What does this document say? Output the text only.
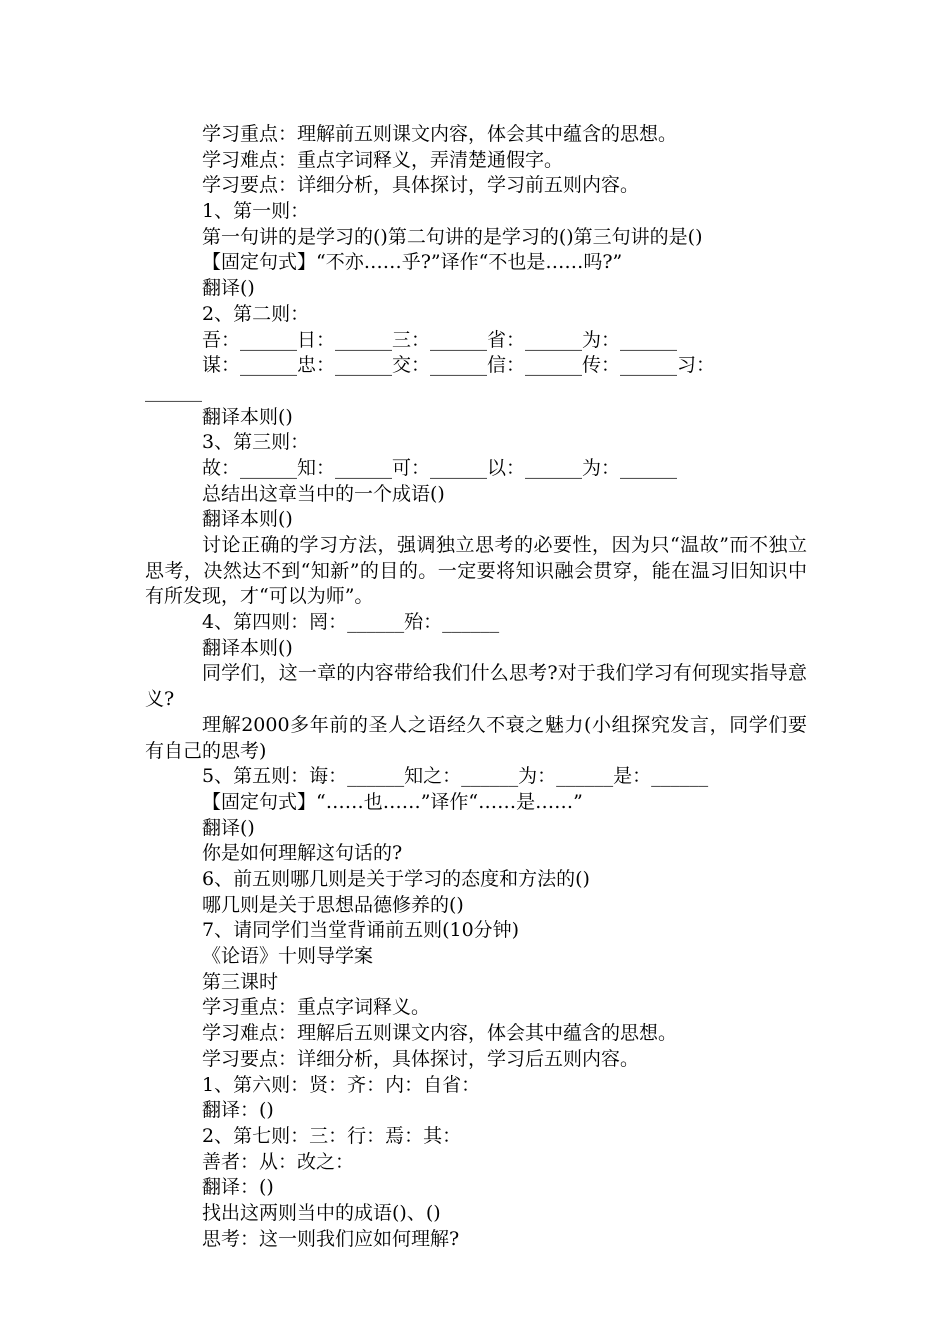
学习重点：理解前五则课文内容，体会其中蕴含的思想。
学习难点：重点字词释义，弄清楚通假字。
学习要点：详细分析，具体探讨，学习前五则内容。
1、第一则：
第一句讲的是学习的()第二句讲的是学习的()第三句讲的是()
【固定句式】“不亦……乎?”译作“不也是……吗?”
翻译()
2、第二则：
吾：______日：______三：______省：______为：______
谋：______忠：______交：______信：______传：______习：
______
翻译本则()
3、第三则：
故：______知：______可：______以：______为：______
总结出这章当中的一个成语()
翻译本则()
讨论正确的学习方法，强调独立思考的必要性，因为只“温故”而不独立思考，决然达不到“知新”的目的。一定要将知识融会贯穿，能在温习旧知识中有所发现，才“可以为师”。
4、第四则：罔：______殆：______
翻译本则()
同学们，这一章的内容带给我们什么思考?对于我们学习有何现实指导意义?
理解2000多年前的圣人之语经久不衰之魅力(小组探究发言，同学们要有自己的思考)
5、第五则：诲：______知之：______为：______是：______
【固定句式】“……也……”译作“……是……”
翻译()
你是如何理解这句话的?
6、前五则哪几则是关于学习的态度和方法的()
哪几则是关于思想品德修养的()
7、请同学们当堂背诵前五则(10分钟)
《论语》十则导学案
第三课时
学习重点：重点字词释义。
学习难点：理解后五则课文内容，体会其中蕴含的思想。
学习要点：详细分析，具体探讨，学习后五则内容。
1、第六则：贤：齐：内：自省：
翻译：()
2、第七则：三：行：焉：其：
善者：从：改之：
翻译：()
找出这两则当中的成语()、()
思考：这一则我们应如何理解?
